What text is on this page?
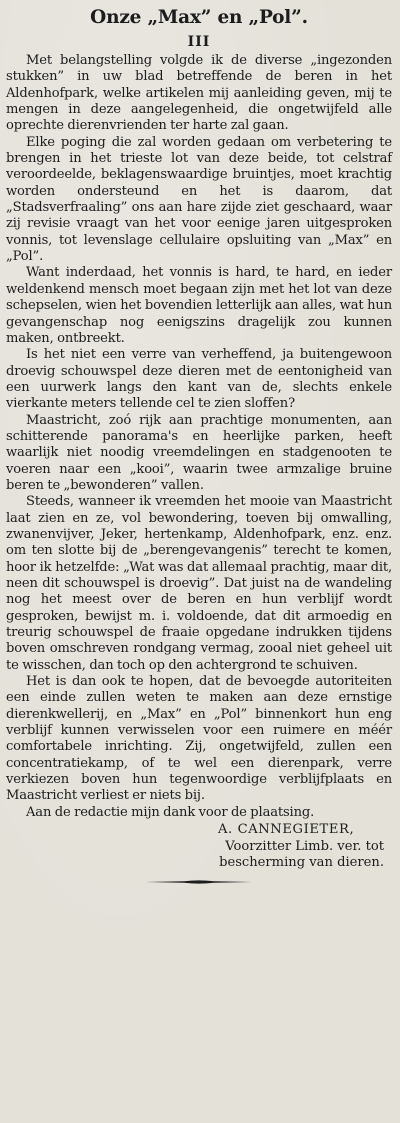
Onze „Max” en „Pol”.
III

Met belangstelling volgde ik de diverse „ingezonden stukken” in uw blad betreffende de beren in het Aldenhofpark, welke artikelen mij aanleiding geven, mij te mengen in deze aangelegenheid, die ongetwijfeld alle oprechte dierenvrienden ter harte zal gaan.

Elke poging die zal worden gedaan om verbetering te brengen in het trieste lot van deze beide, tot celstraf veroordeelde, beklagenswaardige bruintjes, moet krachtig worden ondersteund en het is daarom, dat „Stadsverfraaling” ons aan hare zijde ziet geschaard, waar zij revisie vraagt van het voor eenige jaren uitgesproken vonnis, tot levenslage cellulaire opsluiting van „Max” en „Pol”.

Want inderdaad, het vonnis is hard, te hard, en ieder weldenkend mensch moet begaan zijn met het lot van deze schepselen, wien het bovendien letterlijk aan alles, wat hun gevangenschap nog eenigszins dragelijk zou kunnen maken, ontbreekt.

Is het niet een verre van verheffend, ja buitengewoon droevig schouwspel deze dieren met de eentonigheid van een uurwerk langs den kant van de, slechts enkele vierkante meters tellende cel te zien sloffen?

Maastricht, zoó rijk aan prachtige monumenten, aan schitterende panorama's en heerlijke parken, heeft waarlijk niet noodig vreemdelingen en stadgenooten te voeren naar een „kooi”, waarin twee armzalige bruine beren te „bewonderen” vallen.

Steeds, wanneer ik vreemden het mooie van Maastricht laat zien en ze, vol bewondering, toeven bij omwalling, zwanenvijver, Jeker, hertenkamp, Aldenhofpark, enz. enz. om ten slotte bij de „berengevangenis” terecht te komen, hoor ik hetzelfde: „Wat was dat allemaal prachtig, maar dit, neen dit schouwspel is droevig”. Dat juist na de wandeling nog het meest over de beren en hun verblijf wordt gesproken, bewijst m. i. voldoende, dat dit armoedig en treurig schouwspel de fraaie opgedane indrukken tijdens boven omschreven rondgang vermag, zooal niet geheel uit te wisschen, dan toch op den achtergrond te schuiven.

Het is dan ook te hopen, dat de bevoegde autoriteiten een einde zullen weten te maken aan deze ernstige dierenkwellerij, en „Max” en „Pol” binnenkort hun eng verblijf kunnen verwisselen voor een ruimere en méér comfortabele inrichting. Zij, ongetwijfeld, zullen een concentratiekamp, of te wel een dierenpark, verre verkiezen boven hun tegenwoordige verblijfplaats en Maastricht verliest er niets bij.

Aan de redactie mijn dank voor de plaatsing.

A. CANNEGIETER,

Voorzitter Limb. ver. tot

bescherming van dieren.
